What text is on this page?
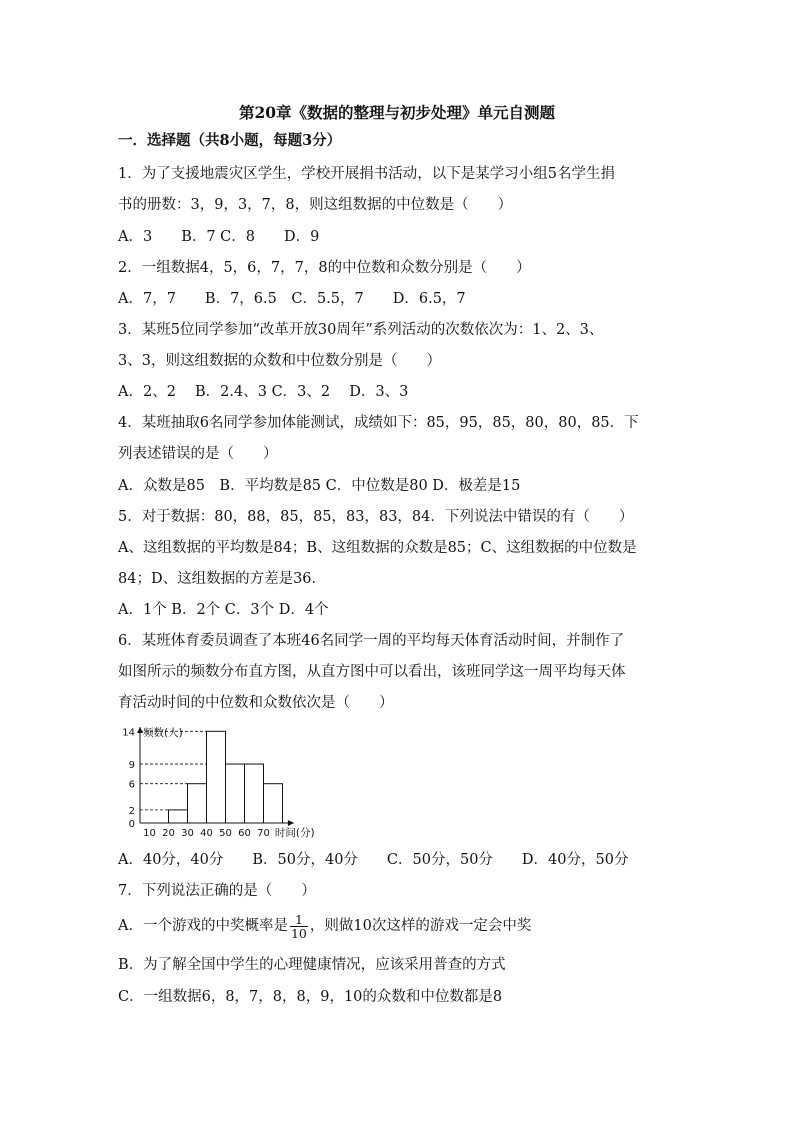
第20章《数据的整理与初步处理》单元自测题
一．选择题（共8小题，每题3分）
1．为了支援地震灾区学生，学校开展捐书活动，以下是某学习小组5名学生捐
书的册数：3，9，3，7，8，则这组数据的中位数是（　　）
A．3　　B．7 C．8　　D．9
2．一组数据4，5，6，7，7，8的中位数和众数分别是（　　）
A．7，7　　B．7，6.5　C．5.5，7　　D．6.5，7
3．某班5位同学参加“改革开放30周年”系列活动的次数依次为：1、2、3、
3、3，则这组数据的众数和中位数分别是（　　）
A．2、2　 B．2.4、3 C．3、2　 D．3、3
4．某班抽取6名同学参加体能测试，成绩如下：85，95，85，80，80，85．下
列表述错误的是（　　）
A．众数是85　B．平均数是85 C．中位数是80 D．极差是15
5．对于数据：80，88，85，85，83，83，84．下列说法中错误的有（　　）
A、这组数据的平均数是84；B、这组数据的众数是85；C、这组数据的中位数是
84；D、这组数据的方差是36．
A．1个 B．2个 C．3个 D．4个
6．某班体育委员调查了本班46名同学一周的平均每天体育活动时间，并制作了
如图所示的频数分布直方图，从直方图中可以看出，该班同学这一周平均每天体
育活动时间的中位数和众数依次是（　　）
0
2
6
9
14
10 20 30 40 50 60 70
频数(人)
时间(分)
A．40分，40分　　B．50分，40分　　C．50分，50分　　D．40分，50分
7．下列说法正确的是（　　）
A．一个游戏的中奖概率是 $\frac{1}{10}$ ，则做10次这样的游戏一定会中奖
B．为了解全国中学生的心理健康情况，应该采用普查的方式
C．一组数据6，8，7，8，8，9，10的众数和中位数都是8
